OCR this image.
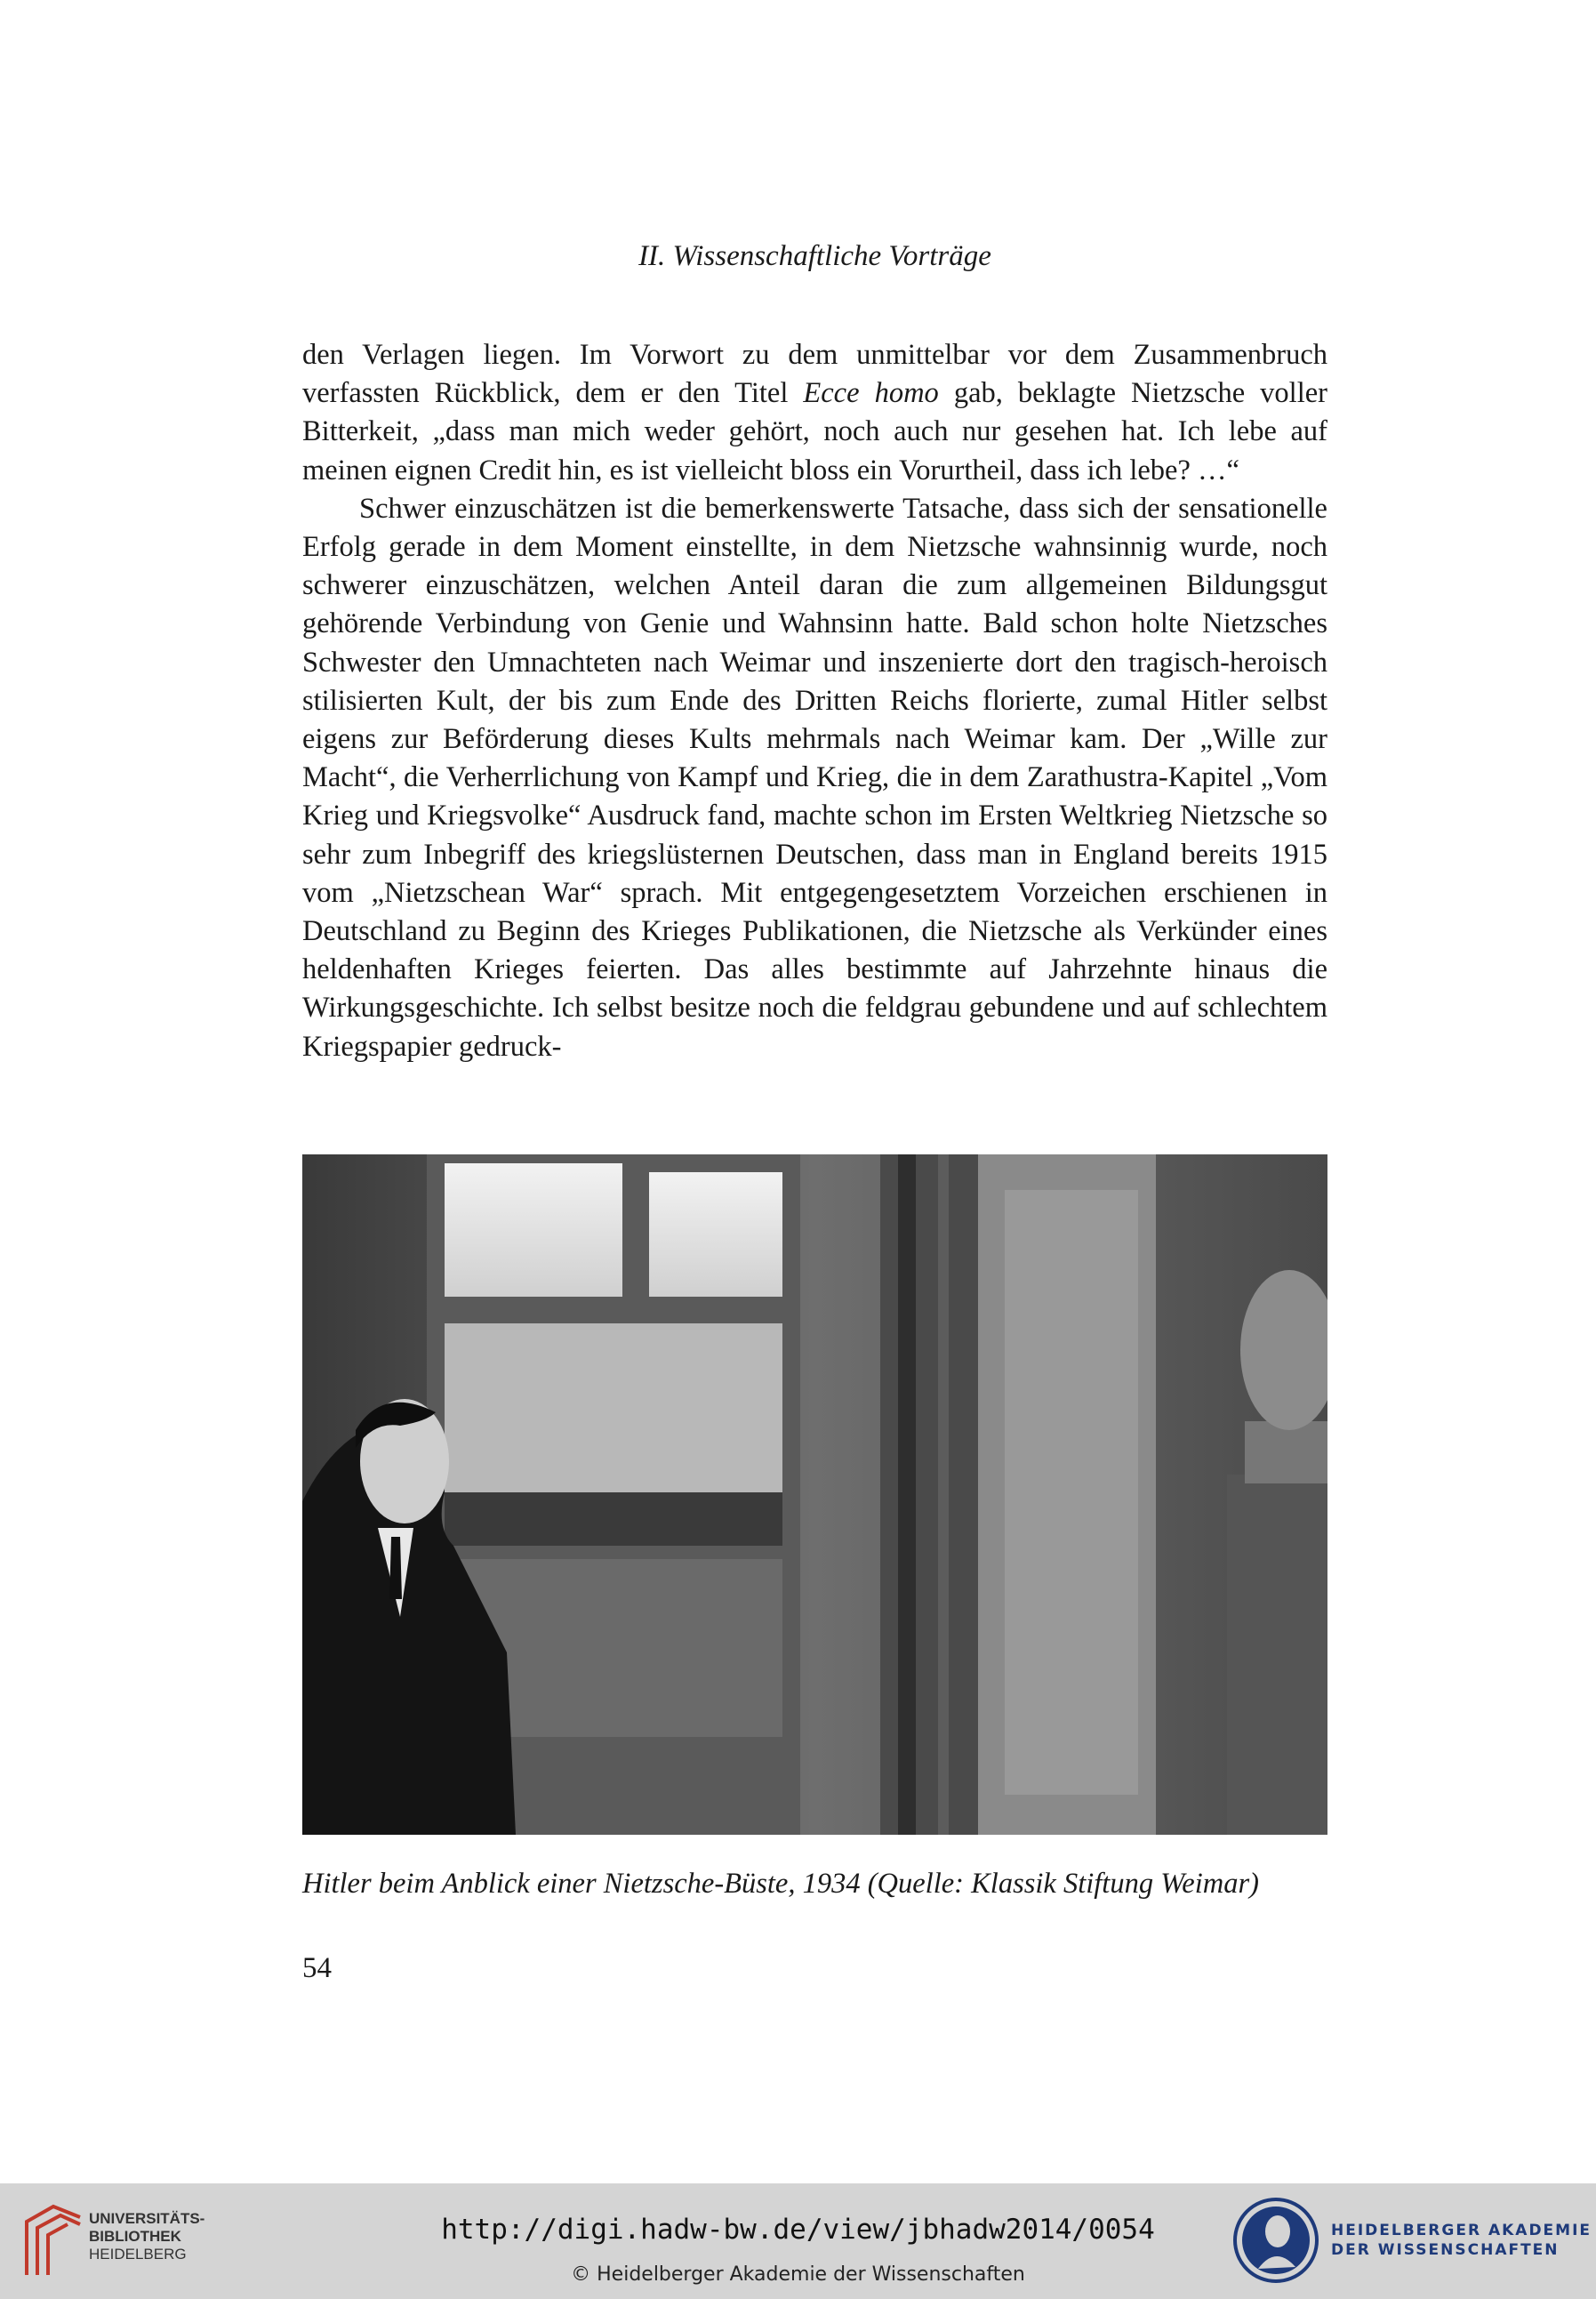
II. Wissenschaftliche Vorträge

den Verlagen liegen. Im Vorwort zu dem unmittelbar vor dem Zusammenbruch verfassten Rückblick, dem er den Titel Ecce homo gab, beklagte Nietzsche voller Bitterkeit, „dass man mich weder gehört, noch auch nur gesehen hat. Ich lebe auf meinen eignen Credit hin, es ist vielleicht bloss ein Vorurtheil, dass ich lebe? …“

Schwer einzuschätzen ist die bemerkenswerte Tatsache, dass sich der sensationelle Erfolg gerade in dem Moment einstellte, in dem Nietzsche wahnsinnig wurde, noch schwerer einzuschätzen, welchen Anteil daran die zum allgemeinen Bildungsgut gehörende Verbindung von Genie und Wahnsinn hatte. Bald schon holte Nietzsches Schwester den Umnachteten nach Weimar und inszenierte dort den tragisch-heroisch stilisierten Kult, der bis zum Ende des Dritten Reichs florierte, zumal Hitler selbst eigens zur Beförderung dieses Kults mehrmals nach Weimar kam. Der „Wille zur Macht“, die Verherrlichung von Kampf und Krieg, die in dem Zarathustra-Kapitel „Vom Krieg und Kriegsvolke“ Ausdruck fand, machte schon im Ersten Weltkrieg Nietzsche so sehr zum Inbegriff des kriegslüsternen Deutschen, dass man in England bereits 1915 vom „Nietzschean War“ sprach. Mit entgegengesetztem Vorzeichen erschienen in Deutschland zu Beginn des Krieges Publikationen, die Nietzsche als Verkünder eines heldenhaften Krieges feierten. Das alles bestimmte auf Jahrzehnte hinaus die Wirkungsgeschichte. Ich selbst besitze noch die feldgrau gebundene und auf schlechtem Kriegspapier gedruck-

Hitler beim Anblick einer Nietzsche-Büste, 1934 (Quelle: Klassik Stiftung Weimar)
54
UNIVERSITÄTS-
BIBLIOTHEK
HEIDELBERG
http://digi.hadw-bw.de/view/jbhadw2014/0054
© Heidelberger Akademie der Wissenschaften
HEIDELBERGER AKADEMIE
DER WISSENSCHAFTEN
